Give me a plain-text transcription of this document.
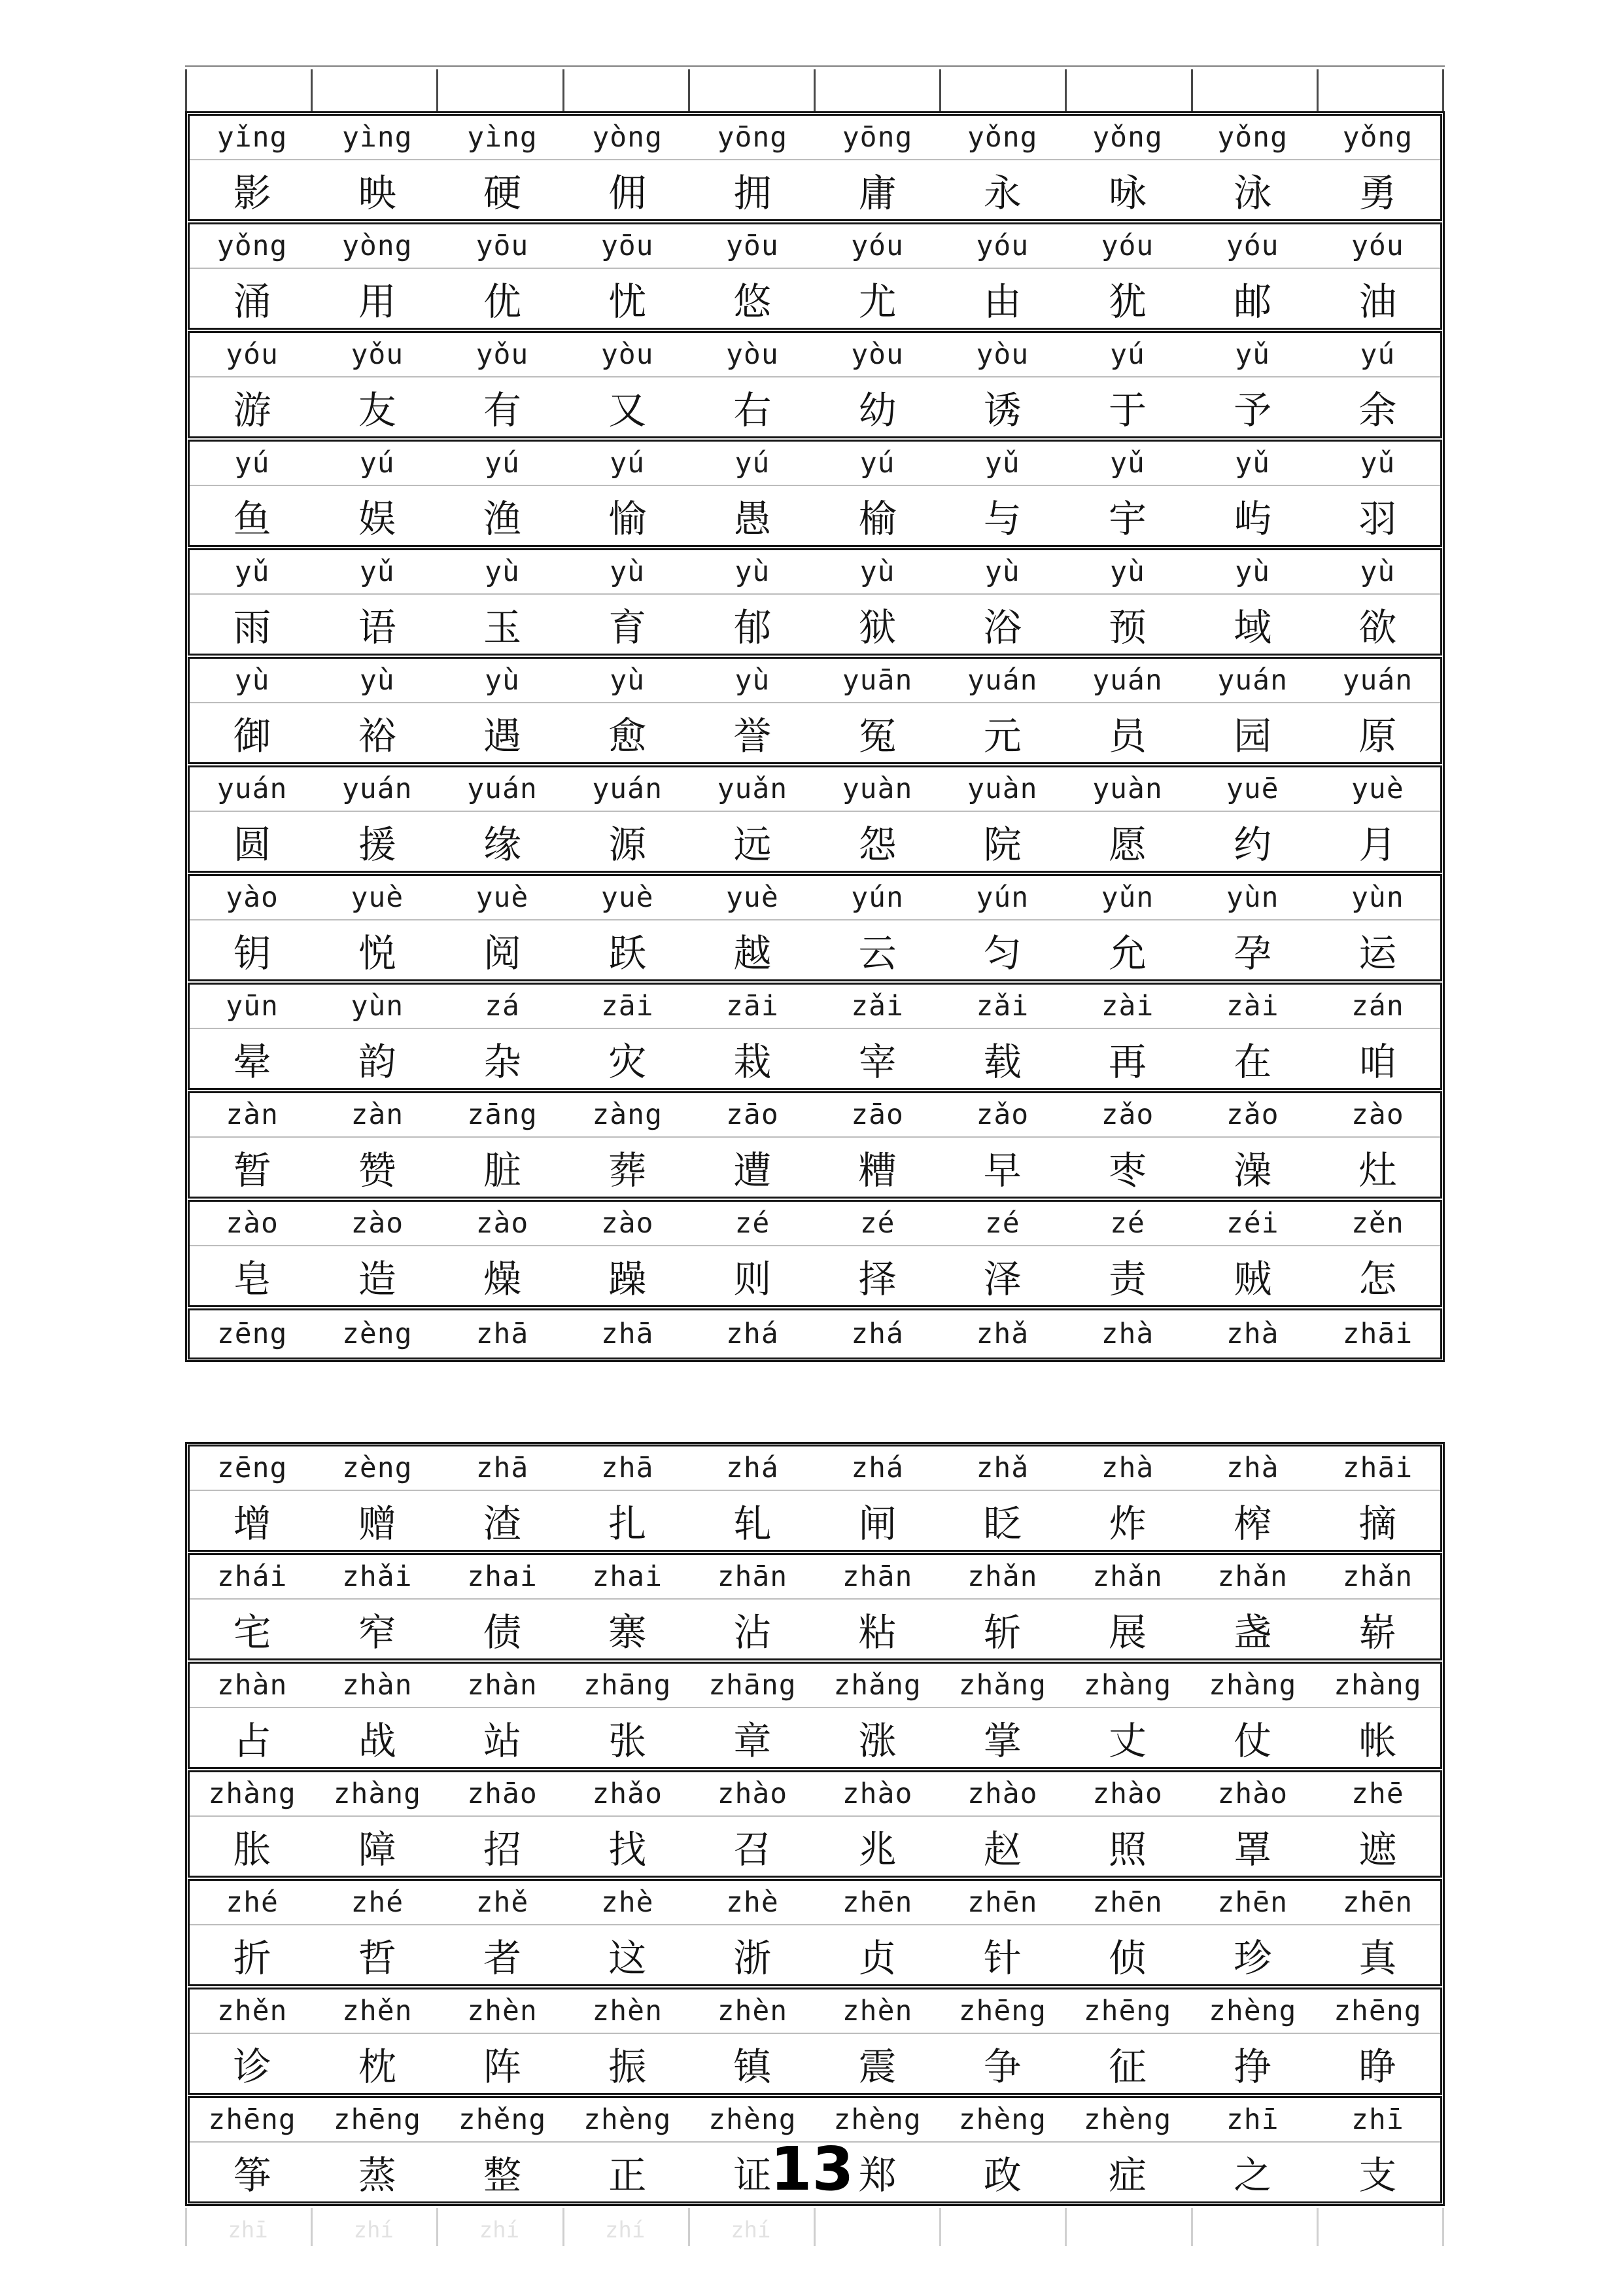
yǐng	yìng	yìng	yòng	yōng	yōng	yǒng	yǒng	yǒng	yǒng
影	映	硬	佣	拥	庸	永	咏	泳	勇
yǒng	yòng	yōu	yōu	yōu	yóu	yóu	yóu	yóu	yóu
涌	用	优	忧	悠	尤	由	犹	邮	油
yóu	yǒu	yǒu	yòu	yòu	yòu	yòu	yú	yǔ	yú
游	友	有	又	右	幼	诱	于	予	余
yú	yú	yú	yú	yú	yú	yǔ	yǔ	yǔ	yǔ
鱼	娱	渔	愉	愚	榆	与	宇	屿	羽
yǔ	yǔ	yù	yù	yù	yù	yù	yù	yù	yù
雨	语	玉	育	郁	狱	浴	预	域	欲
yù	yù	yù	yù	yù	yuān	yuán	yuán	yuán	yuán
御	裕	遇	愈	誉	冤	元	员	园	原
yuán	yuán	yuán	yuán	yuǎn	yuàn	yuàn	yuàn	yuē	yuè
圆	援	缘	源	远	怨	院	愿	约	月
yào	yuè	yuè	yuè	yuè	yún	yún	yǔn	yùn	yùn
钥	悦	阅	跃	越	云	匀	允	孕	运
yūn	yùn	zá	zāi	zāi	zǎi	zǎi	zài	zài	zán
晕	韵	杂	灾	栽	宰	载	再	在	咱
zàn	zàn	zāng	zàng	zāo	zāo	zǎo	zǎo	zǎo	zào
暂	赞	脏	葬	遭	糟	早	枣	澡	灶
zào	zào	zào	zào	zé	zé	zé	zé	zéi	zěn
皂	造	燥	躁	则	择	泽	责	贼	怎
zēng	zèng	zhā	zhā	zhá	zhá	zhǎ	zhà	zhà	zhāi
zēng	zèng	zhā	zhā	zhá	zhá	zhǎ	zhà	zhà	zhāi
增	赠	渣	扎	轧	闸	眨	炸	榨	摘
zhái	zhǎi	zhai	zhai	zhān	zhān	zhǎn	zhǎn	zhǎn	zhǎn
宅	窄	债	寨	沾	粘	斩	展	盏	崭
zhàn	zhàn	zhàn	zhāng	zhāng	zhǎng	zhǎng	zhàng	zhàng	zhàng
占	战	站	张	章	涨	掌	丈	仗	帐
zhàng	zhàng	zhāo	zhǎo	zhào	zhào	zhào	zhào	zhào	zhē
胀	障	招	找	召	兆	赵	照	罩	遮
zhé	zhé	zhě	zhè	zhè	zhēn	zhēn	zhēn	zhēn	zhēn
折	哲	者	这	浙	贞	针	侦	珍	真
zhěn	zhěn	zhèn	zhèn	zhèn	zhèn	zhēng	zhēng	zhèng	zhēng
诊	枕	阵	振	镇	震	争	征	挣	睁
zhēng	zhēng	zhěng	zhèng	zhèng	zhèng	zhèng	zhèng	zhī	zhī
筝	蒸	整	正	证	郑	政	症	之	支
zhī	zhí	zhí	zhí	zhí
13
